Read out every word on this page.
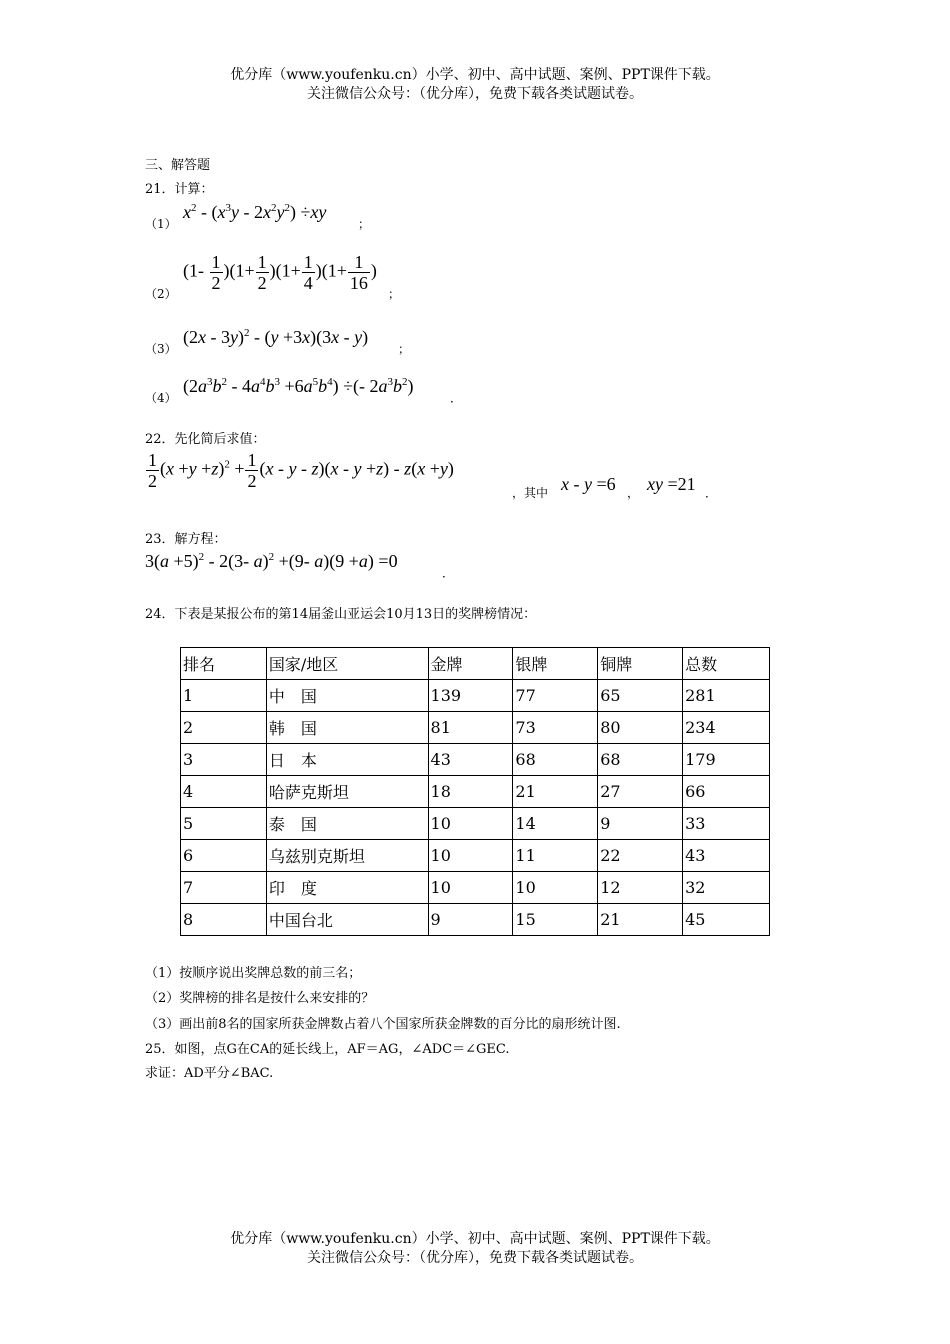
优分库（www.youfenku.cn）小学、初中、高中试题、案例、PPT课件下载。
关注微信公众号：（优分库），免费下载各类试题试卷。
三、解答题
21．计算：
（1）
$x^2 - (x^3y - 2x^2y^2) \div xy$
；
（2）
$(1- \frac{1}{2} )(1+ \frac{1}{2} )(1+ \frac{1}{4} )(1+ \frac{1}{16}$ )
；
（3）
(2x - 3y)$^2$ - (y +3x)(3x - y)
；
（4）
$(2a^3b^2 - 4a^4b^3 +6a^5b^4)$ ÷(- $2a^3b^2$)
．
22．先化简后求值：
$\frac{1}{2} (x +y +z)^2 + \frac{1}{2} (x - y - z)(x - y +z) - z(x +y)$
，其中 x - y =6 ， xy =21 ．
23．解方程：
$3(a +5)^2 - 2(3-$ a)$^2$ +(9- a)(9 +a) =0
．
24．下表是某报公布的第14届釜山亚运会10月13日的奖牌榜情况：
排名	国家/地区	金牌	银牌	铜牌	总数
1	中　国	139	77	65	281
2	韩　国	81	73	80	234
3	日　本	43	68	68	179
4	哈萨克斯坦	18	21	27	66
5	泰　国	10	14	9	33
6	乌兹别克斯坦	10	11	22	43
7	印　度	10	10	12	32
8	中国台北	9	15	21	45
（1）按顺序说出奖牌总数的前三名；
（2）奖牌榜的排名是按什么来安排的？
（3）画出前8名的国家所获金牌数占着八个国家所获金牌数的百分比的扇形统计图.
25．如图，点G在CA的延长线上，AF＝AG，∠ADC＝∠GEC.
求证：AD平分∠BAC.
优分库（www.youfenku.cn）小学、初中、高中试题、案例、PPT课件下载。
关注微信公众号：（优分库），免费下载各类试题试卷。
